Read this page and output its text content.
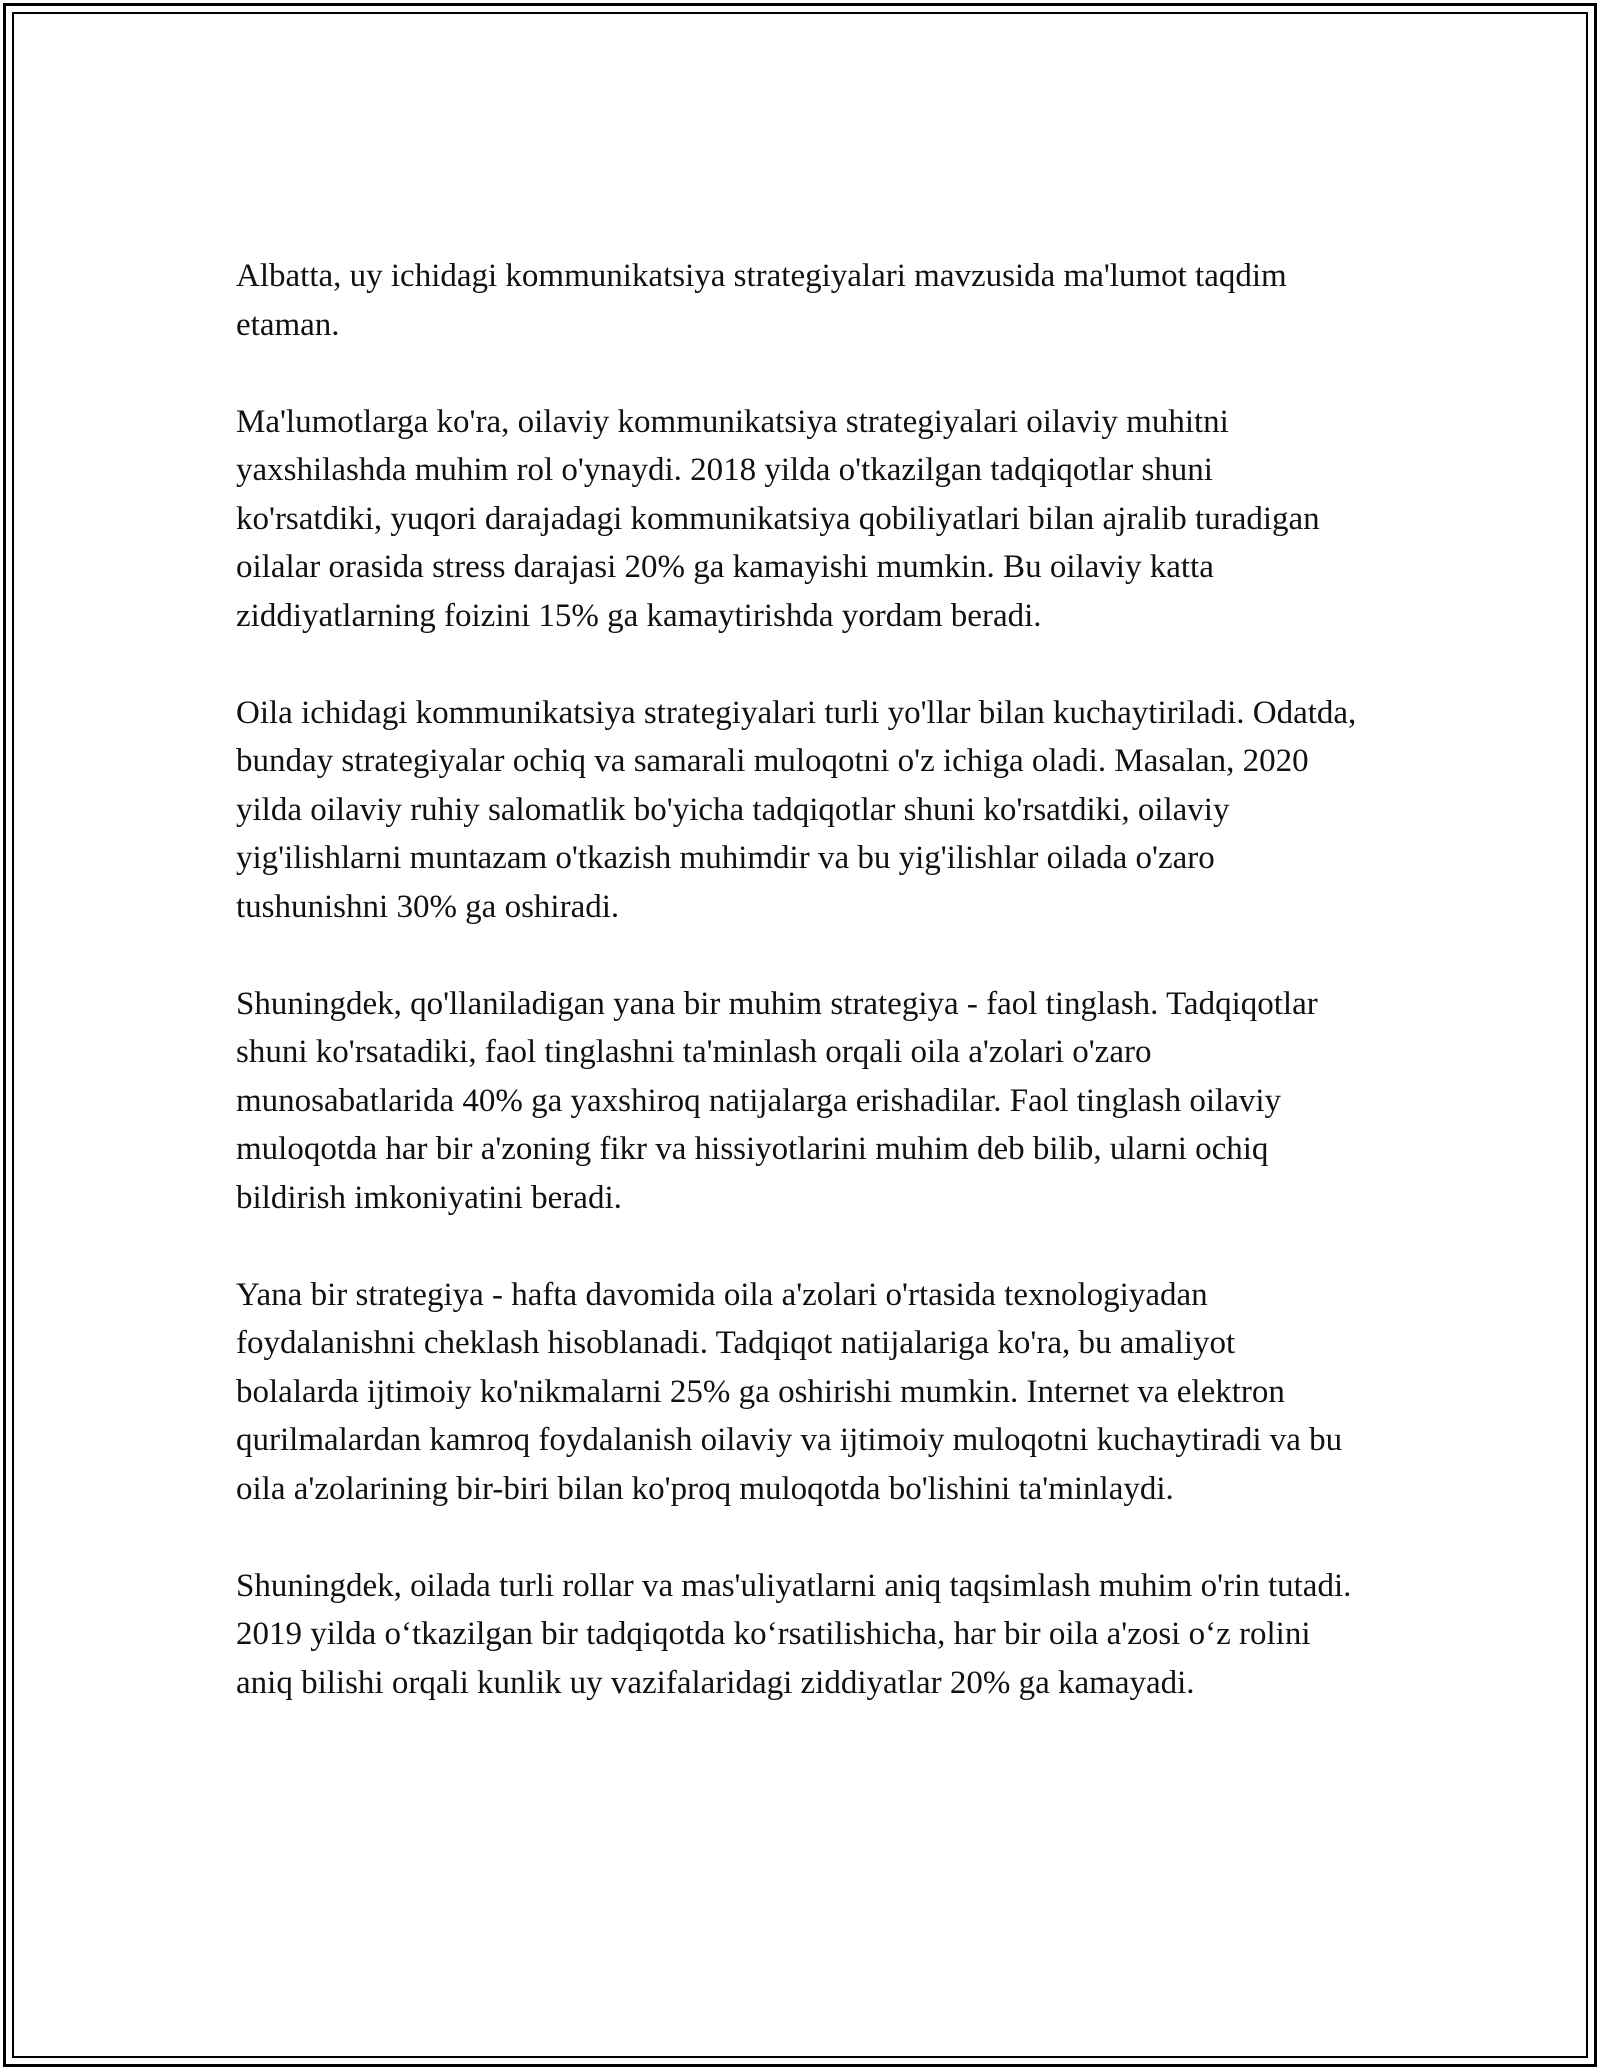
Albatta, uy ichidagi kommunikatsiya strategiyalari mavzusida ma'lumot taqdim etaman.

Ma'lumotlarga ko'ra, oilaviy kommunikatsiya strategiyalari oilaviy muhitni yaxshilashda muhim rol o'ynaydi. 2018 yilda o'tkazilgan tadqiqotlar shuni ko'rsatdiki, yuqori darajadagi kommunikatsiya qobiliyatlari bilan ajralib turadigan oilalar orasida stress darajasi 20% ga kamayishi mumkin. Bu oilaviy katta ziddiyatlarning foizini 15% ga kamaytirishda yordam beradi.

Oila ichidagi kommunikatsiya strategiyalari turli yo'llar bilan kuchaytiriladi. Odatda, bunday strategiyalar ochiq va samarali muloqotni o'z ichiga oladi. Masalan, 2020 yilda oilaviy ruhiy salomatlik bo'yicha tadqiqotlar shuni ko'rsatdiki, oilaviy yig'ilishlarni muntazam o'tkazish muhimdir va bu yig'ilishlar oilada o'zaro tushunishni 30% ga oshiradi.

Shuningdek, qo'llaniladigan yana bir muhim strategiya - faol tinglash. Tadqiqotlar shuni ko'rsatadiki, faol tinglashni ta'minlash orqali oila a'zolari o'zaro munosabatlarida 40% ga yaxshiroq natijalarga erishadilar. Faol tinglash oilaviy muloqotda har bir a'zoning fikr va hissiyotlarini muhim deb bilib, ularni ochiq bildirish imkoniyatini beradi.

Yana bir strategiya - hafta davomida oila a'zolari o'rtasida texnologiyadan foydalanishni cheklash hisoblanadi. Tadqiqot natijalariga ko'ra, bu amaliyot bolalarda ijtimoiy ko'nikmalarni 25% ga oshirishi mumkin. Internet va elektron qurilmalardan kamroq foydalanish oilaviy va ijtimoiy muloqotni kuchaytiradi va bu oila a'zolarining bir-biri bilan ko'proq muloqotda bo'lishini ta'minlaydi.

Shuningdek, oilada turli rollar va mas'uliyatlarni aniq taqsimlash muhim o'rin tutadi. 2019 yilda o‘tkazilgan bir tadqiqotda ko‘rsatilishicha, har bir oila a'zosi o‘z rolini aniq bilishi orqali kunlik uy vazifalaridagi ziddiyatlar 20% ga kamayadi.
